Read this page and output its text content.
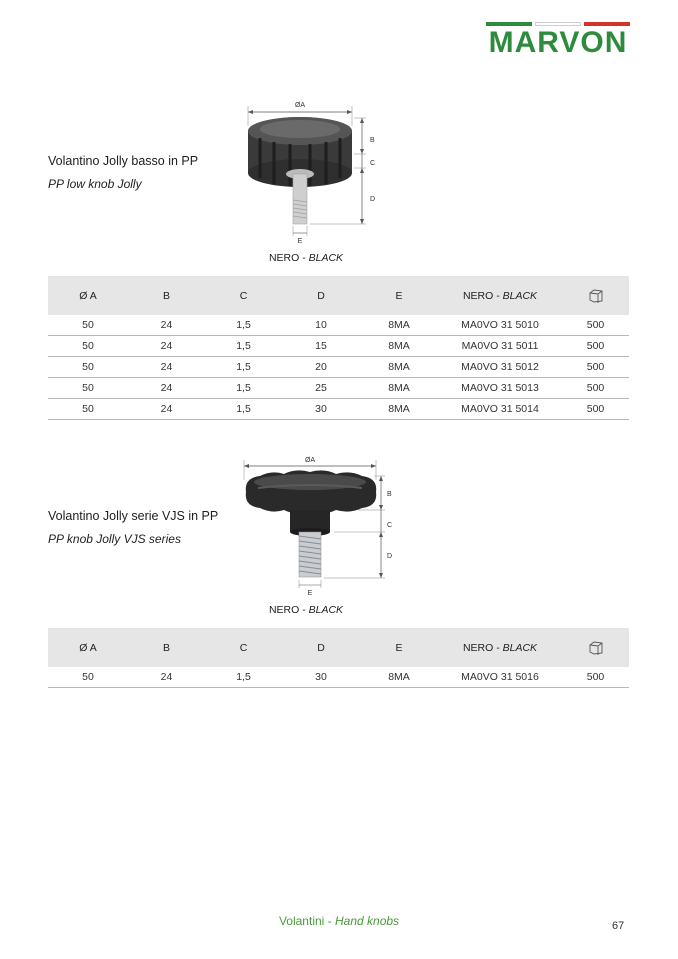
MARVON
Volantino Jolly basso in PP
PP low knob Jolly
ØA
B
C
D
E
NERO - BLACK
Ø A	B	C	D	E	NERO - BLACK	
50	24	1,5	10	8MA	MA0VO 31 5010	500
50	24	1,5	15	8MA	MA0VO 31 5011	500
50	24	1,5	20	8MA	MA0VO 31 5012	500
50	24	1,5	25	8MA	MA0VO 31 5013	500
50	24	1,5	30	8MA	MA0VO 31 5014	500
Volantino Jolly serie VJS in PP
PP knob Jolly VJS series
ØA
B
C
D
E
NERO - BLACK
Ø A	B	C	D	E	NERO - BLACK	
50	24	1,5	30	8MA	MA0VO 31 5016	500
Volantini - Hand knobs	67
